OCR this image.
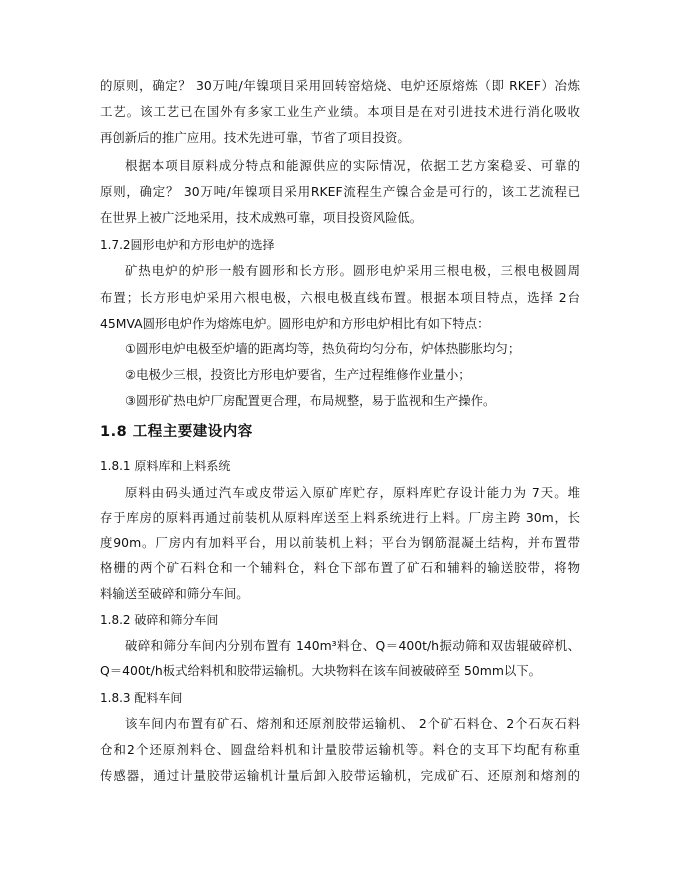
的原则，确定？ 30万吨/年镍项目采用回转窑焙烧、电炉还原熔炼（即 RKEF）冶炼
工艺。该工艺已在国外有多家工业生产业绩。本项目是在对引进技术进行消化吸收
再创新后的推广应用。技术先进可靠，节省了项目投资。
根据本项目原料成分特点和能源供应的实际情况，依据工艺方案稳妥、可靠的
原则，确定？ 30万吨/年镍项目采用RKEF流程生产镍合金是可行的，该工艺流程已
在世界上被广泛地采用，技术成熟可靠，项目投资风险低。
1.7.2圆形电炉和方形电炉的选择
矿热电炉的炉形一般有圆形和长方形。圆形电炉采用三根电极，三根电极圆周
布置；长方形电炉采用六根电极，六根电极直线布置。根据本项目特点，选择 2台
45MVA圆形电炉作为熔炼电炉。圆形电炉和方形电炉相比有如下特点：
①圆形电炉电极至炉墙的距离均等，热负荷均匀分布，炉体热膨胀均匀；
②电极少三根，投资比方形电炉要省，生产过程维修作业量小；
③圆形矿热电炉厂房配置更合理，布局规整，易于监视和生产操作。
1.8 工程主要建设内容
1.8.1 原料库和上料系统
原料由码头通过汽车或皮带运入原矿库贮存，原料库贮存设计能力为 7天。堆
存于库房的原料再通过前装机从原料库送至上料系统进行上料。厂房主跨 30m，长
度90m。厂房内有加料平台，用以前装机上料；平台为钢筋混凝土结构，并布置带
格栅的两个矿石料仓和一个辅料仓，料仓下部布置了矿石和辅料的输送胶带，将物
料输送至破碎和筛分车间。
1.8.2 破碎和筛分车间
破碎和筛分车间内分别布置有 140m³料仓、Q＝400t/h振动筛和双齿辊破碎机、
Q＝400t/h板式给料机和胶带运输机。大块物料在该车间被破碎至 50mm以下。
1.8.3 配料车间
该车间内布置有矿石、熔剂和还原剂胶带运输机、 2个矿石料仓、2个石灰石料
仓和2个还原剂料仓、圆盘给料机和计量胶带运输机等。料仓的支耳下均配有称重
传感器，通过计量胶带运输机计量后卸入胶带运输机，完成矿石、还原剂和熔剂的
